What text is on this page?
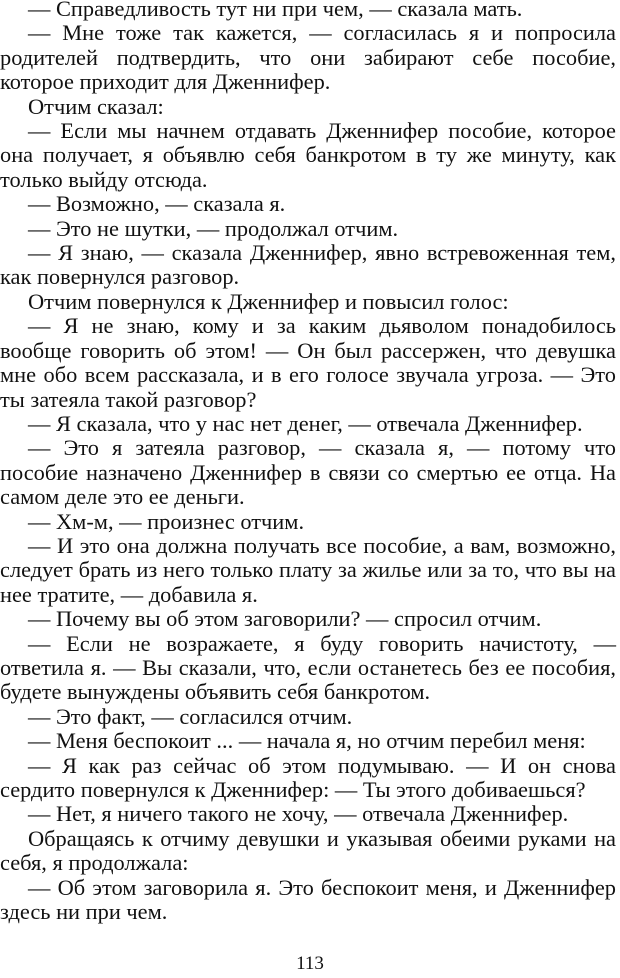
— Справедливость тут ни при чем, — сказала мать.

— Мне тоже так кажется, — согласилась я и попросила родителей подтвердить, что они забирают себе пособие, которое приходит для Дженнифер.

Отчим сказал:

— Если мы начнем отдавать Дженнифер пособие, которое она получает, я объявлю себя банкротом в ту же минуту, как только выйду отсюда.

— Возможно, — сказала я.

— Это не шутки, — продолжал отчим.

— Я знаю, — сказала Дженнифер, явно встревоженная тем, как повернулся разговор.

Отчим повернулся к Дженнифер и повысил голос:

— Я не знаю, кому и за каким дьяволом понадобилось вообще говорить об этом! — Он был рассержен, что девушка мне обо всем рассказала, и в его голосе звучала угроза. — Это ты затеяла такой разговор?

— Я сказала, что у нас нет денег, — отвечала Дженнифер.

— Это я затеяла разговор, — сказала я, — потому что пособие назначено Дженнифер в связи со смертью ее отца. На самом деле это ее деньги.

— Хм-м, — произнес отчим.

— И это она должна получать все пособие, а вам, возможно, следует брать из него только плату за жилье или за то, что вы на нее тратите, — добавила я.

— Почему вы об этом заговорили? — спросил отчим.

— Если не возражаете, я буду говорить начистоту, — ответила я. — Вы сказали, что, если останетесь без ее пособия, будете вынуждены объявить себя банкротом.

— Это факт, — согласился отчим.

— Меня беспокоит ... — начала я, но отчим перебил меня:

— Я как раз сейчас об этом подумываю. — И он снова сердито повернулся к Дженнифер: — Ты этого добиваешься?

— Нет, я ничего такого не хочу, — отвечала Дженнифер.

Обращаясь к отчиму девушки и указывая обеими руками на себя, я продолжала:

— Об этом заговорила я. Это беспокоит меня, и Дженнифер здесь ни при чем.

113
